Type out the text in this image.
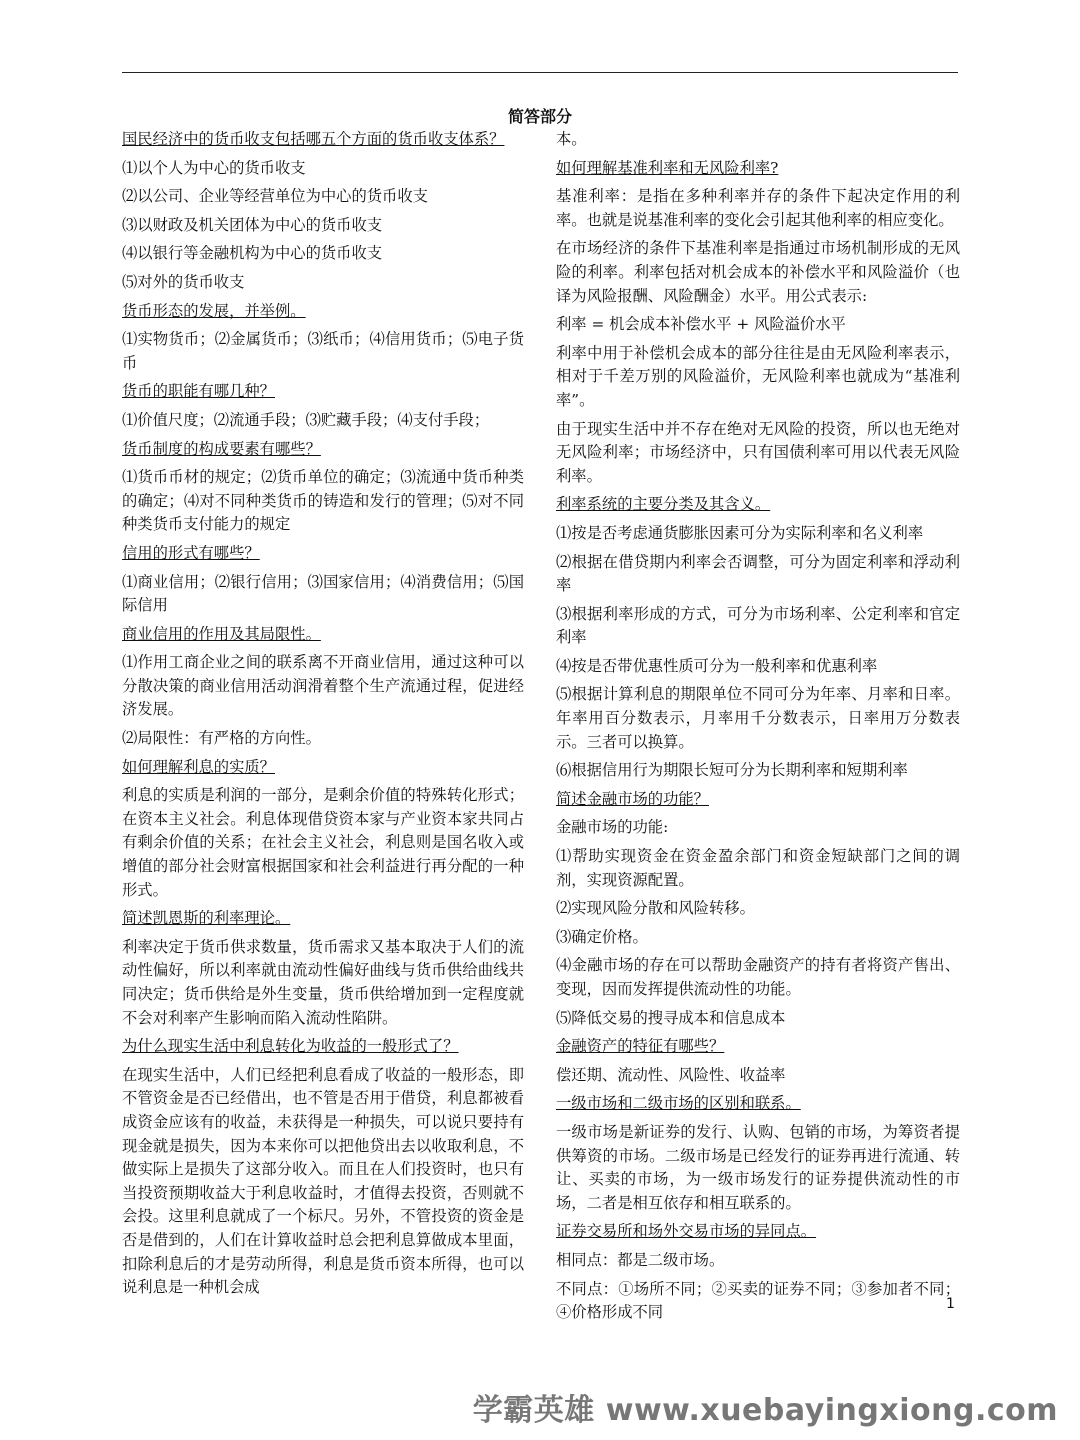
简答部分

国民经济中的货币收支包括哪五个方面的货币收支体系？

⑴以个人为中心的货币收支

⑵以公司、企业等经营单位为中心的货币收支

⑶以财政及机关团体为中心的货币收支

⑷以银行等金融机构为中心的货币收支

⑸对外的货币收支

货币形态的发展，并举例。

⑴实物货币；⑵金属货币；⑶纸币；⑷信用货币；⑸电子货币

货币的职能有哪几种？

⑴价值尺度；⑵流通手段；⑶贮藏手段；⑷支付手段；

货币制度的构成要素有哪些？

⑴货币币材的规定；⑵货币单位的确定；⑶流通中货币种类的确定；⑷对不同种类货币的铸造和发行的管理；⑸对不同种类货币支付能力的规定

信用的形式有哪些？

⑴商业信用；⑵银行信用；⑶国家信用；⑷消费信用；⑸国际信用

商业信用的作用及其局限性。

⑴作用工商企业之间的联系离不开商业信用，通过这种可以分散决策的商业信用活动润滑着整个生产流通过程，促进经济发展。

⑵局限性：有严格的方向性。

如何理解利息的实质？

利息的实质是利润的一部分，是剩余价值的特殊转化形式；在资本主义社会。利息体现借贷资本家与产业资本家共同占有剩余价值的关系；在社会主义社会，利息则是国名收入或增值的部分社会财富根据国家和社会利益进行再分配的一种形式。

简述凯恩斯的利率理论。

利率决定于货币供求数量，货币需求又基本取决于人们的流动性偏好，所以利率就由流动性偏好曲线与货币供给曲线共同决定；货币供给是外生变量，货币供给增加到一定程度就不会对利率产生影响而陷入流动性陷阱。

为什么现实生活中利息转化为收益的一般形式了？

在现实生活中，人们已经把利息看成了收益的一般形态，即不管资金是否已经借出，也不管是否用于借贷，利息都被看成资金应该有的收益，未获得是一种损失，可以说只要持有现金就是损失，因为本来你可以把他贷出去以收取利息，不做实际上是损失了这部分收入。而且在人们投资时，也只有当投资预期收益大于利息收益时，才值得去投资，否则就不会投。这里利息就成了一个标尺。另外，不管投资的资金是否是借到的，人们在计算收益时总会把利息算做成本里面，扣除利息后的才是劳动所得，利息是货币资本所得，也可以说利息是一种机会成

本。

如何理解基准利率和无风险利率?

基准利率：是指在多种利率并存的条件下起决定作用的利率。也就是说基准利率的变化会引起其他利率的相应变化。

在市场经济的条件下基准利率是指通过市场机制形成的无风险的利率。利率包括对机会成本的补偿水平和风险溢价（也译为风险报酬、风险酬金）水平。用公式表示:

利率 = 机会成本补偿水平 + 风险溢价水平

利率中用于补偿机会成本的部分往往是由无风险利率表示，相对于千差万别的风险溢价，无风险利率也就成为“基准利率”。

由于现实生活中并不存在绝对无风险的投资，所以也无绝对无风险利率；市场经济中，只有国债利率可用以代表无风险利率。

利率系统的主要分类及其含义。

⑴按是否考虑通货膨胀因素可分为实际利率和名义利率

⑵根据在借贷期内利率会否调整，可分为固定利率和浮动利率

⑶根据利率形成的方式，可分为市场利率、公定利率和官定利率

⑷按是否带优惠性质可分为一般利率和优惠利率

⑸根据计算利息的期限单位不同可分为年率、月率和日率。年率用百分数表示，月率用千分数表示，日率用万分数表示。三者可以换算。

⑹根据信用行为期限长短可分为长期利率和短期利率

简述金融市场的功能？

金融市场的功能:

⑴帮助实现资金在资金盈余部门和资金短缺部门之间的调剂，实现资源配置。

⑵实现风险分散和风险转移。

⑶确定价格。

⑷金融市场的存在可以帮助金融资产的持有者将资产售出、变现，因而发挥提供流动性的功能。

⑸降低交易的搜寻成本和信息成本

金融资产的特征有哪些？

偿还期、流动性、风险性、收益率

一级市场和二级市场的区别和联系。

一级市场是新证券的发行、认购、包销的市场，为筹资者提供筹资的市场。二级市场是已经发行的证券再进行流通、转让、买卖的市场，为一级市场发行的证券提供流动性的市场，二者是相互依存和相互联系的。

证券交易所和场外交易市场的异同点。

相同点：都是二级市场。

不同点：①场所不同；②买卖的证券不同；③参加者不同；④价格形成不同	1
学霸英雄 www.xuebayingxiong.com
